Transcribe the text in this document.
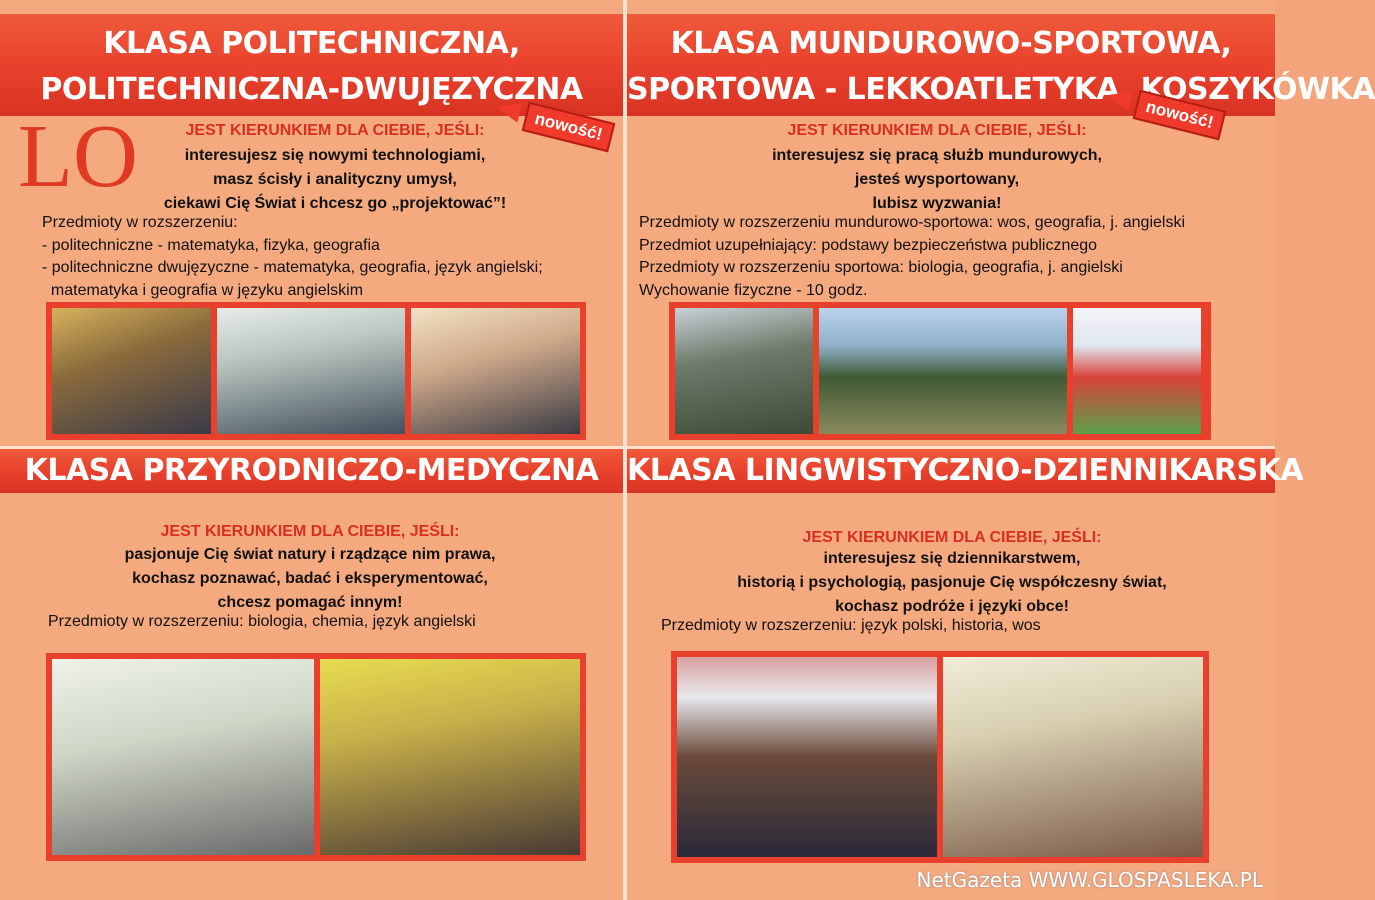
KLASA POLITECHNICZNA,
POLITECHNICZNA-DWUJĘZYCZNA
nowość!
LO	JEST KIERUNKIEM DLA CIEBIE, JEŚLI:
interesujesz się nowymi technologiami,
masz ścisły i analityczny umysł,
ciekawi Cię Świat i chcesz go „projektować”!
Przedmioty w rozszerzeniu:
- politechniczne - matematyka, fizyka, geografia
- politechniczne dwujęzyczne - matematyka, geografia, język angielski;
matematyka i geografia w języku angielskim
KLASA MUNDUROWO-SPORTOWA,
SPORTOWA - LEKKOATLETYKA, KOSZYKÓWKA
nowość!
JEST KIERUNKIEM DLA CIEBIE, JEŚLI:
interesujesz się pracą służb mundurowych,
jesteś wysportowany,
lubisz wyzwania!
Przedmioty w rozszerzeniu mundurowo-sportowa: wos, geografia, j. angielski
Przedmiot uzupełniający: podstawy bezpieczeństwa publicznego
Przedmioty w rozszerzeniu sportowa: biologia, geografia, j. angielski
Wychowanie fizyczne - 10 godz.
KLASA PRZYRODNICZO-MEDYCZNA
JEST KIERUNKIEM DLA CIEBIE, JEŚLI:
pasjonuje Cię świat natury i rządzące nim prawa,
kochasz poznawać, badać i eksperymentować,
chcesz pomagać innym!
Przedmioty w rozszerzeniu: biologia, chemia, język angielski
KLASA LINGWISTYCZNO-DZIENNIKARSKA
JEST KIERUNKIEM DLA CIEBIE, JEŚLI:
interesujesz się dziennikarstwem,
historią i psychologią, pasjonuje Cię współczesny świat,
kochasz podróże i języki obce!
Przedmioty w rozszerzeniu: język polski, historia, wos
NetGazeta WWW.GLOSPASLEKA.PL
